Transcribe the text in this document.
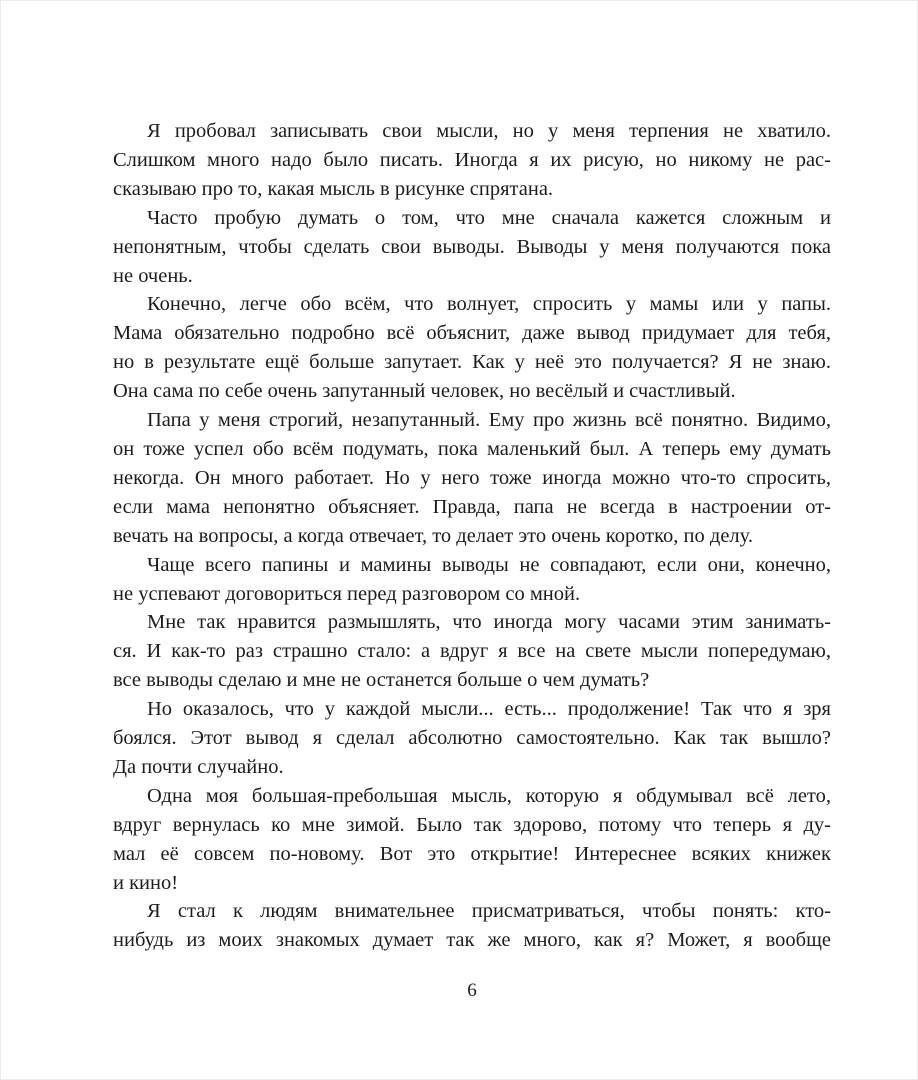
Я пробовал записывать свои мысли, но у меня терпения не хватило.
Слишком много надо было писать. Иногда я их рисую, но никому не рас-
сказываю про то, какая мысль в рисунке спрятана.
Часто пробую думать о том, что мне сначала кажется сложным и
непонятным, чтобы сделать свои выводы. Выводы у меня получаются пока
не очень.
Конечно, легче обо всём, что волнует, спросить у мамы или у папы.
Мама обязательно подробно всё объяснит, даже вывод придумает для тебя,
но в результате ещё больше запутает. Как у неё это получается? Я не знаю.
Она сама по себе очень запутанный человек, но весёлый и счастливый.
Папа у меня строгий, незапутанный. Ему про жизнь всё понятно. Видимо,
он тоже успел обо всём подумать, пока маленький был. А теперь ему думать
некогда. Он много работает. Но у него тоже иногда можно что-то спросить,
если мама непонятно объясняет. Правда, папа не всегда в настроении от-
вечать на вопросы, а когда отвечает, то делает это очень коротко, по делу.
Чаще всего папины и мамины выводы не совпадают, если они, конечно,
не успевают договориться перед разговором со мной.
Мне так нравится размышлять, что иногда могу часами этим занимать-
ся. И как-то раз страшно стало: а вдруг я все на свете мысли попередумаю,
все выводы сделаю и мне не останется больше о чем думать?
Но оказалось, что у каждой мысли... есть... продолжение! Так что я зря
боялся. Этот вывод я сделал абсолютно самостоятельно. Как так вышло?
Да почти случайно.
Одна моя большая-пребольшая мысль, которую я обдумывал всё лето,
вдруг вернулась ко мне зимой. Было так здорово, потому что теперь я ду-
мал её совсем по-новому. Вот это открытие! Интереснее всяких книжек
и кино!
Я стал к людям внимательнее присматриваться, чтобы понять: кто-
нибудь из моих знакомых думает так же много, как я? Может, я вообще
6
